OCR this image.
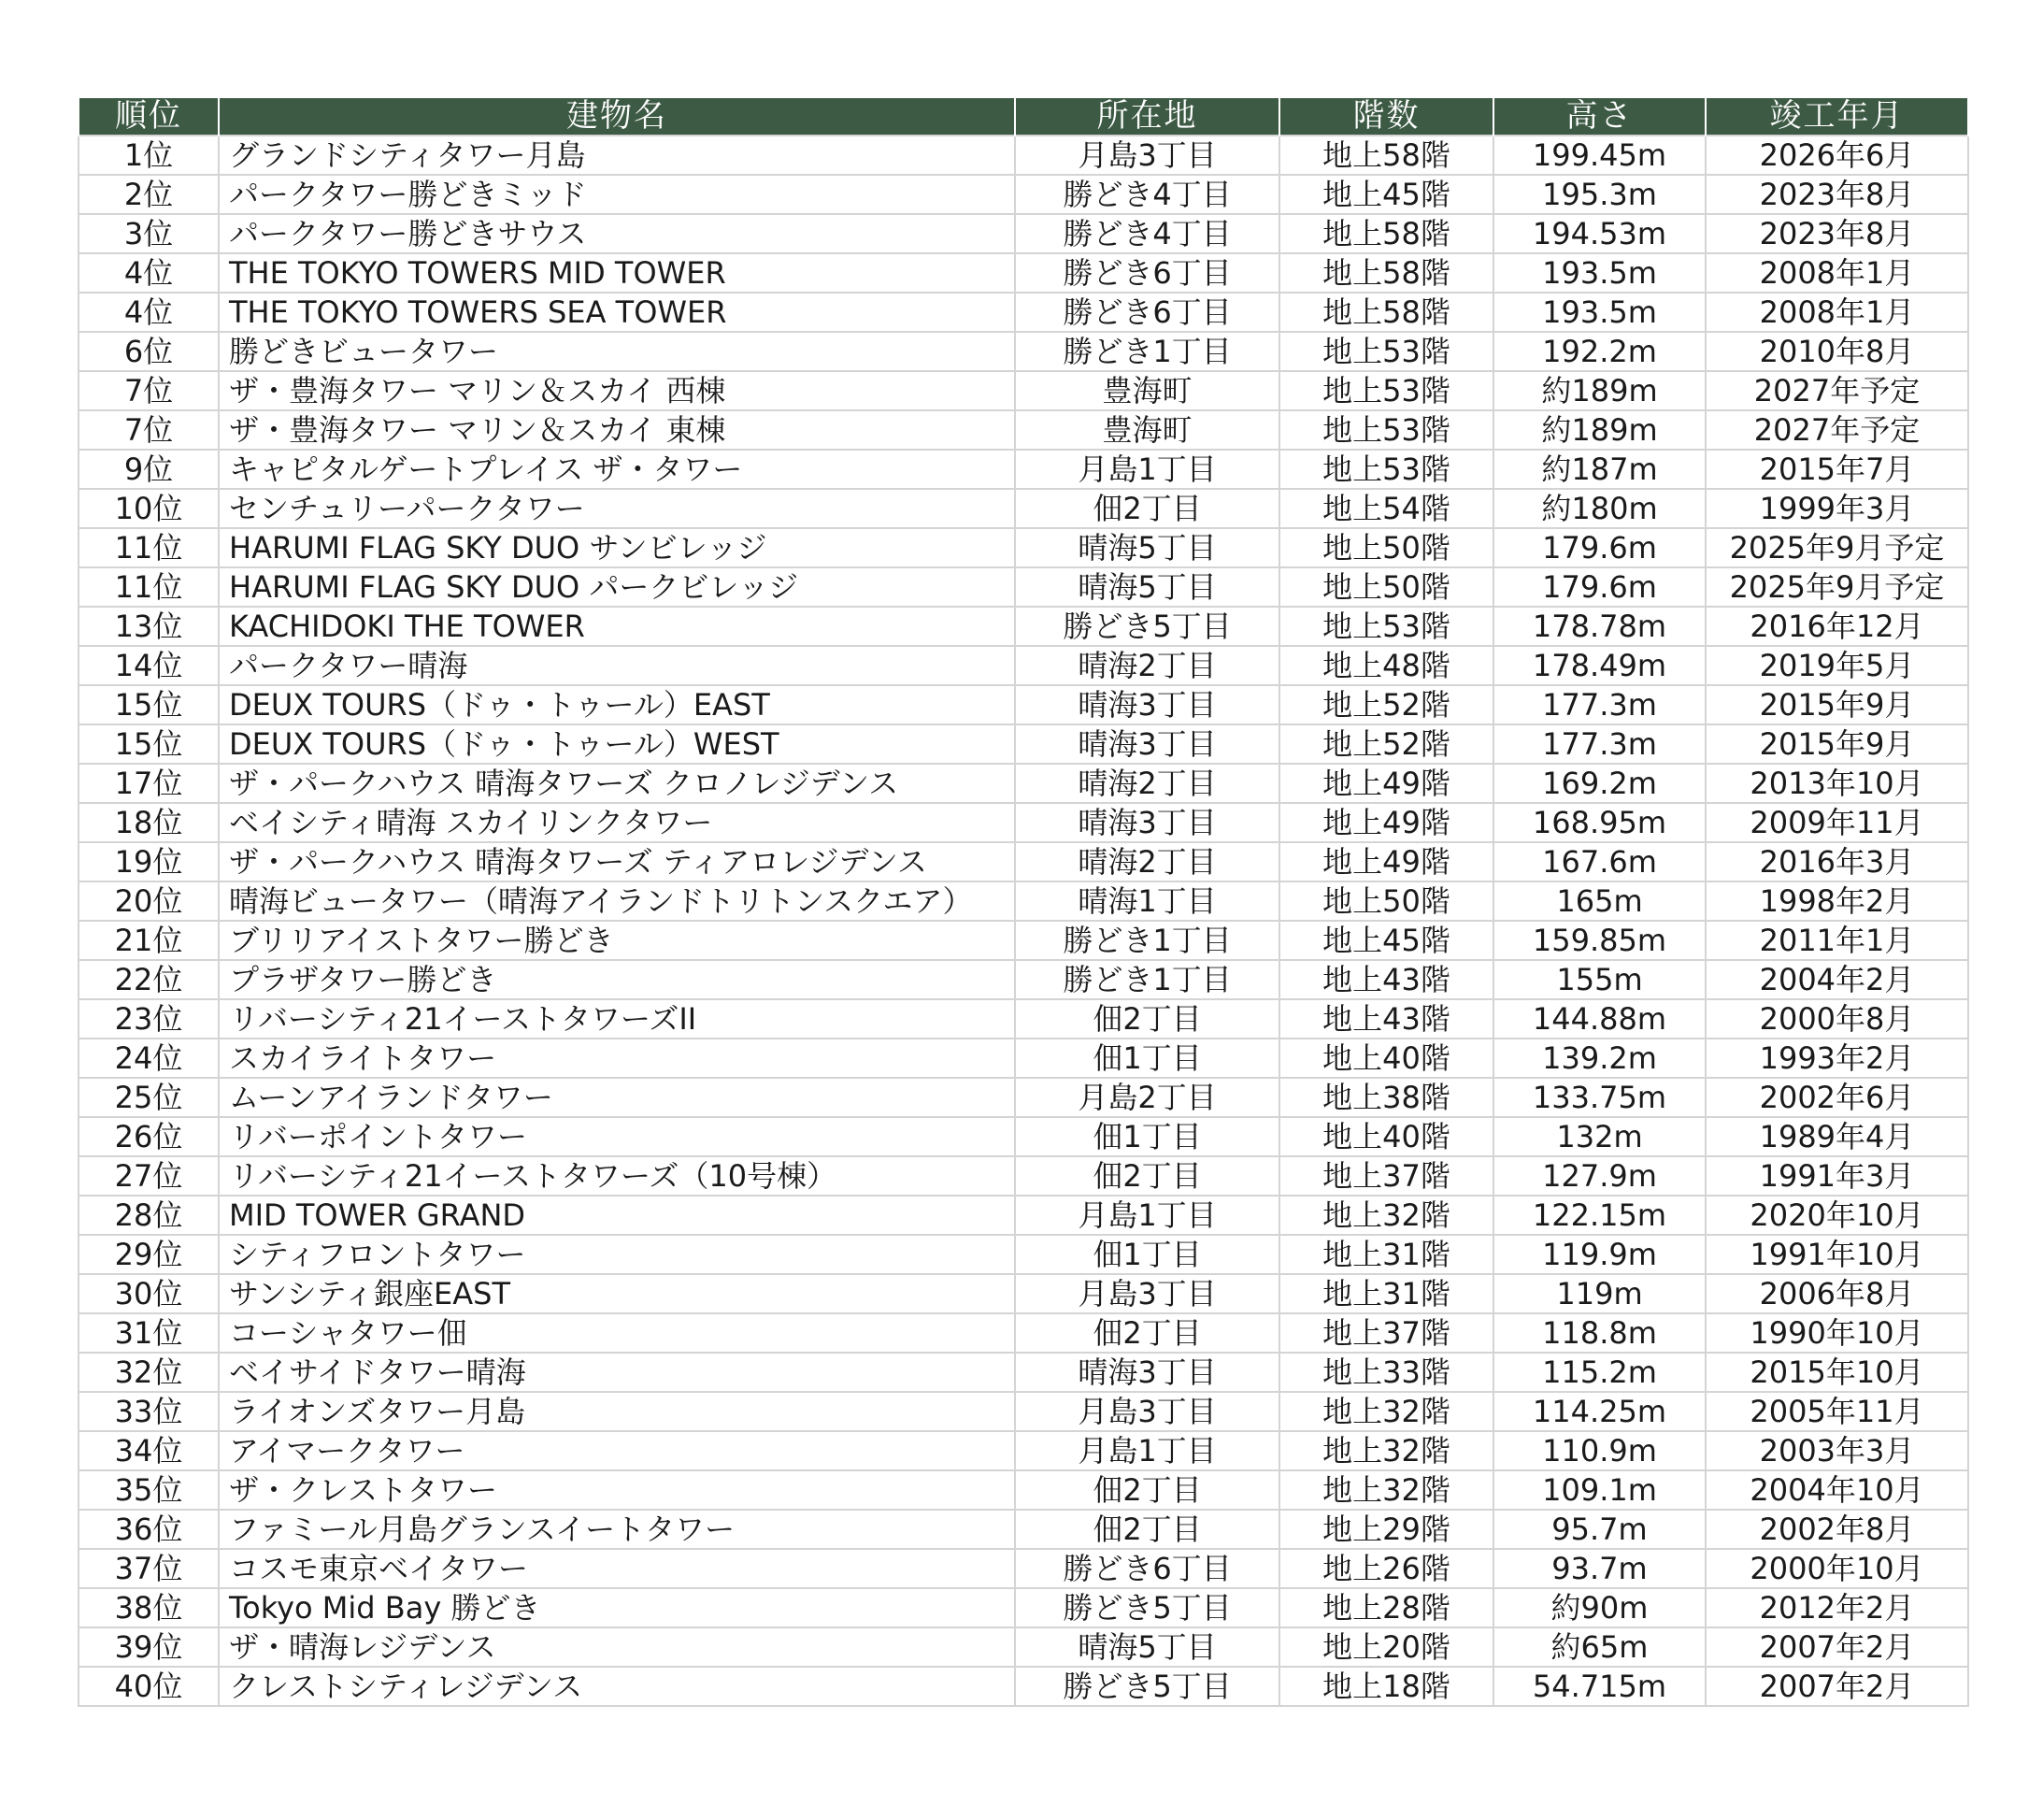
順位	建物名	所在地	階数	高さ	竣工年月
1位	グランドシティタワー月島	月島3丁目	地上58階	199.45m	2026年6月
2位	パークタワー勝どきミッド	勝どき4丁目	地上45階	195.3m	2023年8月
3位	パークタワー勝どきサウス	勝どき4丁目	地上58階	194.53m	2023年8月
4位	THE TOKYO TOWERS MID TOWER	勝どき6丁目	地上58階	193.5m	2008年1月
4位	THE TOKYO TOWERS SEA TOWER	勝どき6丁目	地上58階	193.5m	2008年1月
6位	勝どきビュータワー	勝どき1丁目	地上53階	192.2m	2010年8月
7位	ザ・豊海タワー マリン＆スカイ 西棟	豊海町	地上53階	約189m	2027年予定
7位	ザ・豊海タワー マリン＆スカイ 東棟	豊海町	地上53階	約189m	2027年予定
9位	キャピタルゲートプレイス ザ・タワー	月島1丁目	地上53階	約187m	2015年7月
10位	センチュリーパークタワー	佃2丁目	地上54階	約180m	1999年3月
11位	HARUMI FLAG SKY DUO サンビレッジ	晴海5丁目	地上50階	179.6m	2025年9月予定
11位	HARUMI FLAG SKY DUO パークビレッジ	晴海5丁目	地上50階	179.6m	2025年9月予定
13位	KACHIDOKI THE TOWER	勝どき5丁目	地上53階	178.78m	2016年12月
14位	パークタワー晴海	晴海2丁目	地上48階	178.49m	2019年5月
15位	DEUX TOURS（ドゥ・トゥール）EAST	晴海3丁目	地上52階	177.3m	2015年9月
15位	DEUX TOURS（ドゥ・トゥール）WEST	晴海3丁目	地上52階	177.3m	2015年9月
17位	ザ・パークハウス 晴海タワーズ クロノレジデンス	晴海2丁目	地上49階	169.2m	2013年10月
18位	ベイシティ晴海 スカイリンクタワー	晴海3丁目	地上49階	168.95m	2009年11月
19位	ザ・パークハウス 晴海タワーズ ティアロレジデンス	晴海2丁目	地上49階	167.6m	2016年3月
20位	晴海ビュータワー（晴海アイランドトリトンスクエア）	晴海1丁目	地上50階	165m	1998年2月
21位	ブリリアイストタワー勝どき	勝どき1丁目	地上45階	159.85m	2011年1月
22位	プラザタワー勝どき	勝どき1丁目	地上43階	155m	2004年2月
23位	リバーシティ21イーストタワーズII	佃2丁目	地上43階	144.88m	2000年8月
24位	スカイライトタワー	佃1丁目	地上40階	139.2m	1993年2月
25位	ムーンアイランドタワー	月島2丁目	地上38階	133.75m	2002年6月
26位	リバーポイントタワー	佃1丁目	地上40階	132m	1989年4月
27位	リバーシティ21イーストタワーズ（10号棟）	佃2丁目	地上37階	127.9m	1991年3月
28位	MID TOWER GRAND	月島1丁目	地上32階	122.15m	2020年10月
29位	シティフロントタワー	佃1丁目	地上31階	119.9m	1991年10月
30位	サンシティ銀座EAST	月島3丁目	地上31階	119m	2006年8月
31位	コーシャタワー佃	佃2丁目	地上37階	118.8m	1990年10月
32位	ベイサイドタワー晴海	晴海3丁目	地上33階	115.2m	2015年10月
33位	ライオンズタワー月島	月島3丁目	地上32階	114.25m	2005年11月
34位	アイマークタワー	月島1丁目	地上32階	110.9m	2003年3月
35位	ザ・クレストタワー	佃2丁目	地上32階	109.1m	2004年10月
36位	ファミール月島グランスイートタワー	佃2丁目	地上29階	95.7m	2002年8月
37位	コスモ東京ベイタワー	勝どき6丁目	地上26階	93.7m	2000年10月
38位	Tokyo Mid Bay 勝どき	勝どき5丁目	地上28階	約90m	2012年2月
39位	ザ・晴海レジデンス	晴海5丁目	地上20階	約65m	2007年2月
40位	クレストシティレジデンス	勝どき5丁目	地上18階	54.715m	2007年2月
